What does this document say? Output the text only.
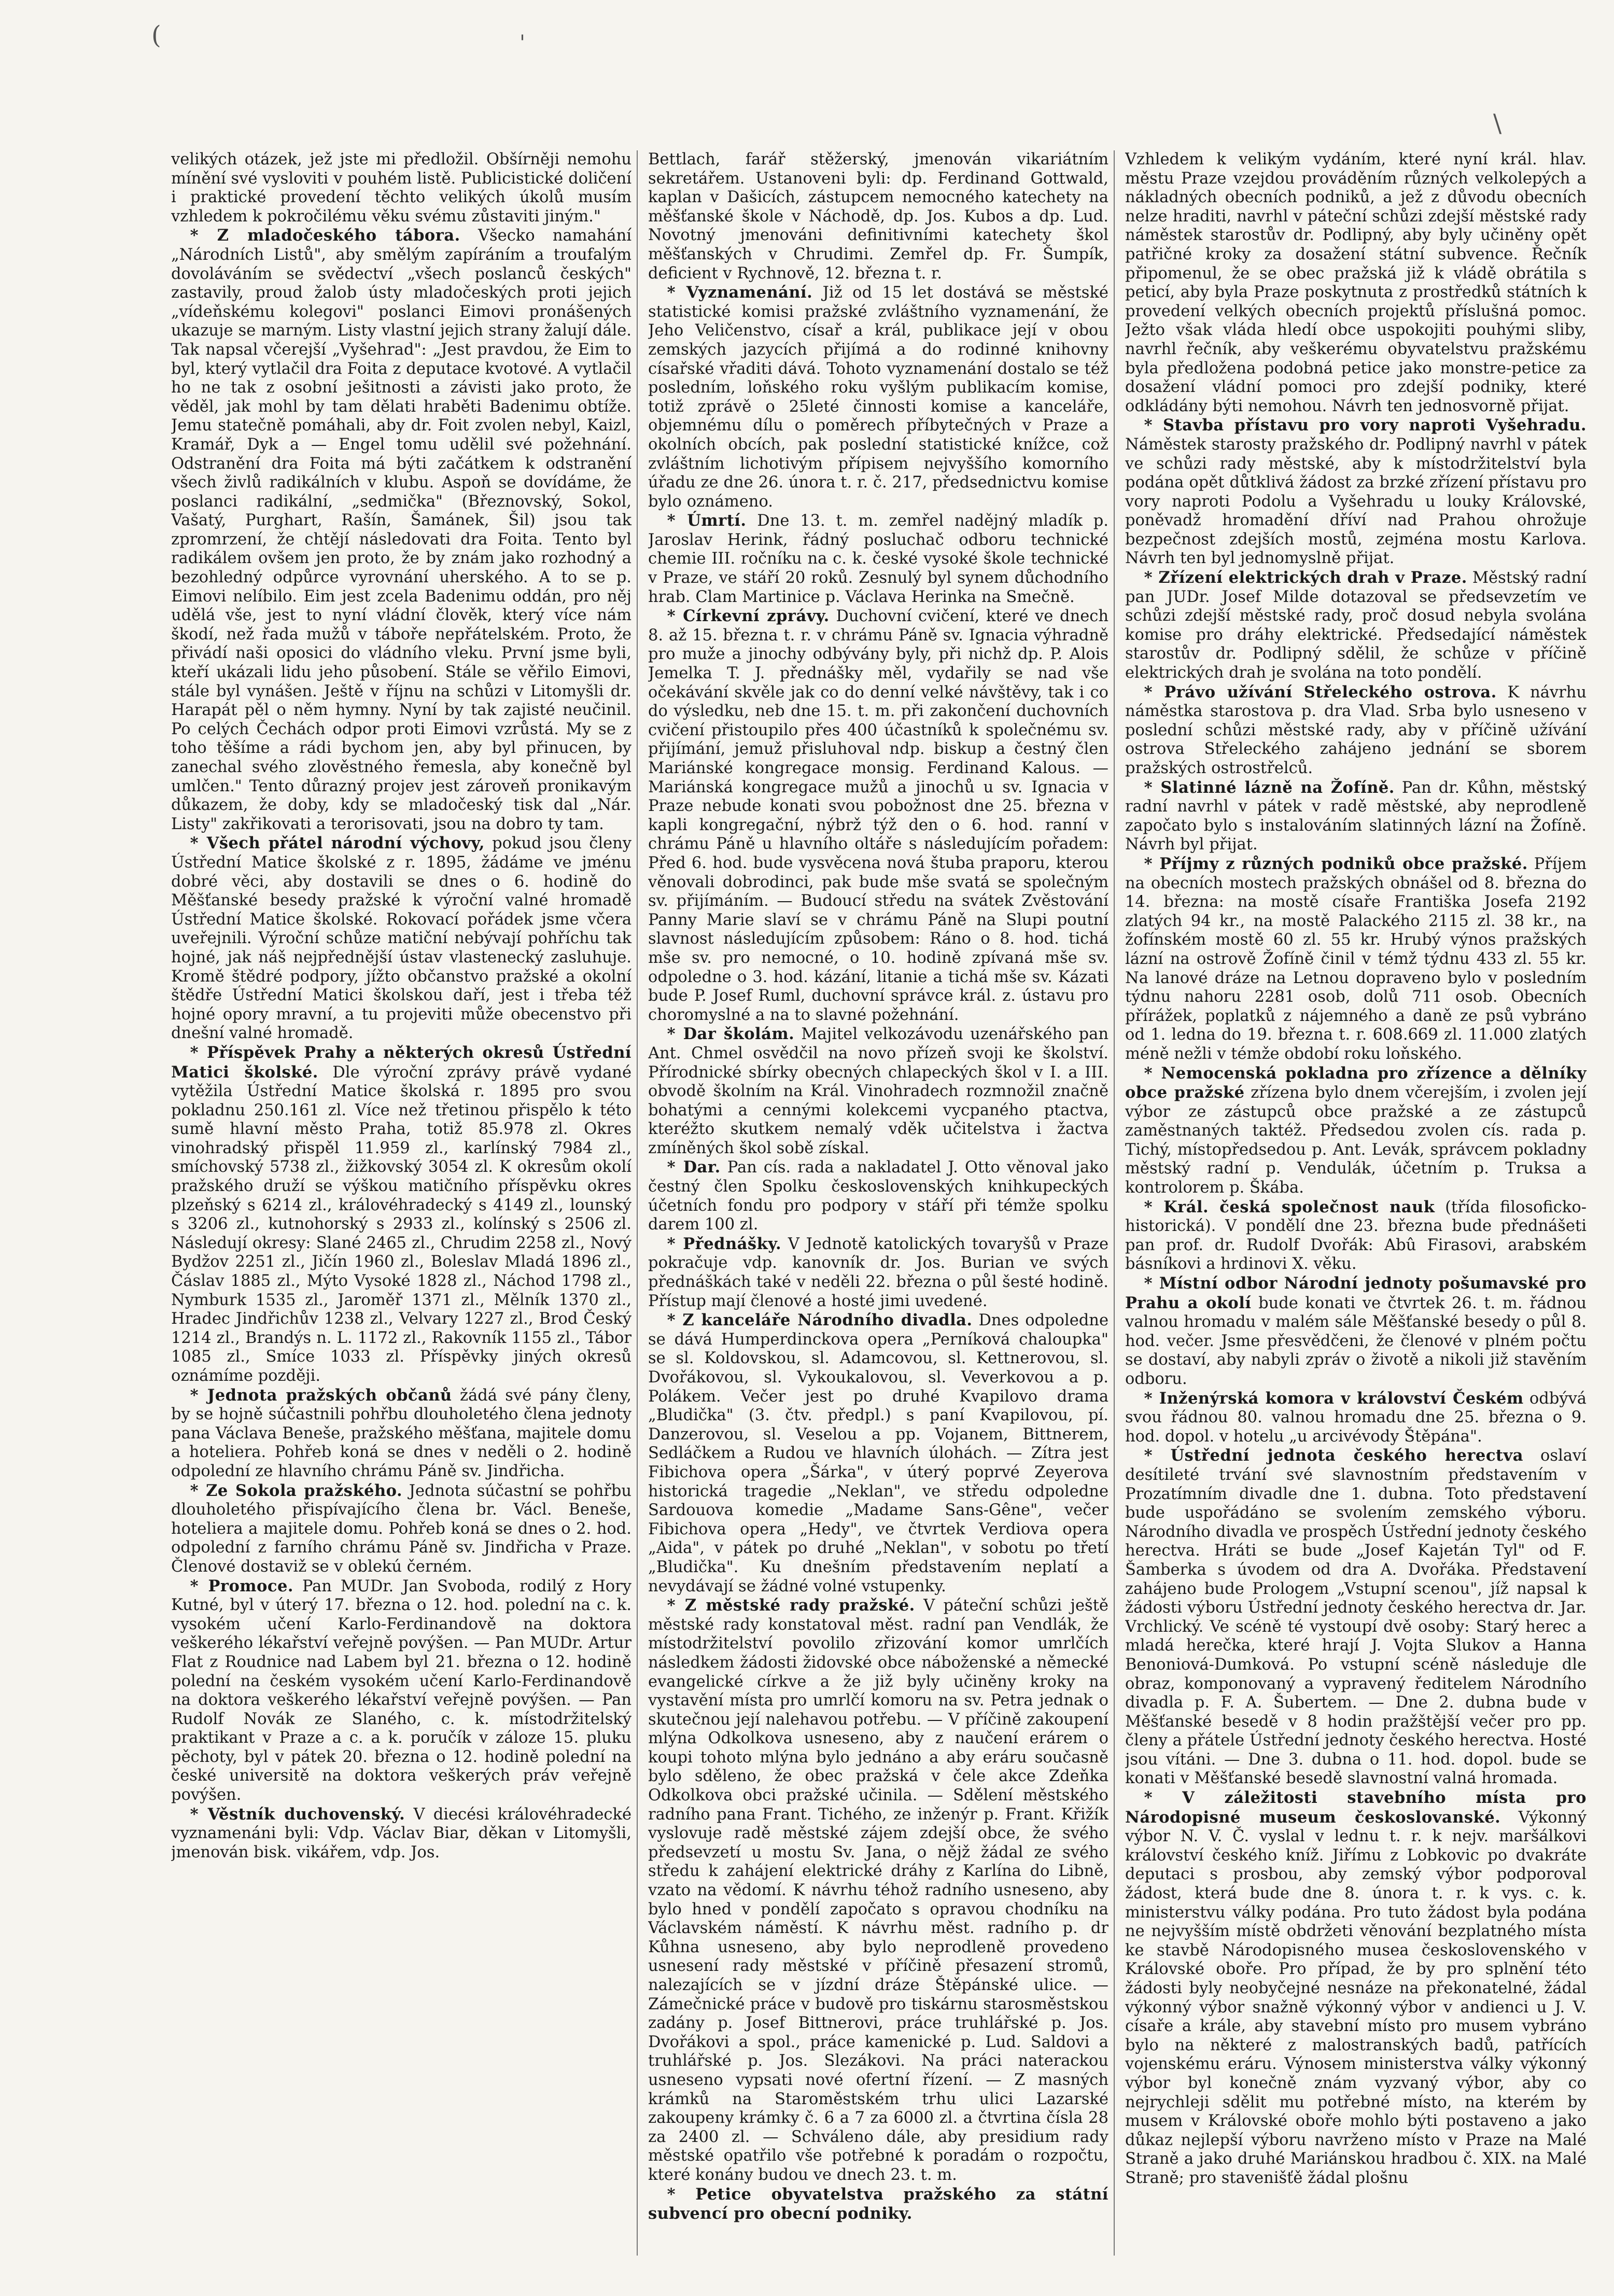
(	'
\

velikých otázek, jež jste mi předložil. Obšírněji nemohu mínění své vysloviti v pouhém listě. Publicistické doličení i praktické provedení těchto velikých úkolů musím vzhledem k pokročilému věku svému zůstaviti jiným."

* Z mladočeského tábora. Všecko namahání „Národních Listů", aby smělým zapíráním a troufalým dovoláváním se svědectví „všech poslanců českých" zastavily, proud žalob ústy mladočeských proti jejich „vídeňskému kolegovi" poslanci Eimovi pronášených ukazuje se marným. Listy vlastní jejich strany žalují dále. Tak napsal včerejší „Vyšehrad": „Jest pravdou, že Eim to byl, který vytlačil dra Foita z deputace kvotové. A vytlačil ho ne tak z osobní ješitnosti a závisti jako proto, že věděl, jak mohl by tam dělati hraběti Badenimu obtíže. Jemu statečně pomáhali, aby dr. Foit zvolen nebyl, Kaizl, Kramář, Dyk a — Engel tomu udělil své požehnání. Odstranění dra Foita má býti začátkem k odstranění všech živlů radikálních v klubu. Aspoň se dovídáme, že poslanci radikální, „sedmička" (Březnovský, Sokol, Vašatý, Purghart, Rašín, Šamánek, Šil) jsou tak zpromrzení, že chtějí následovati dra Foita. Tento byl radikálem ovšem jen proto, že by znám jako rozhodný a bezohledný odpůrce vyrovnání uherského. A to se p. Eimovi nelíbilo. Eim jest zcela Badenimu oddán, pro něj udělá vše, jest to nyní vládní člověk, který více nám škodí, než řada mužů v táboře nepřátelském. Proto, že přivádí naši oposici do vládního vleku. První jsme byli, kteří ukázali lidu jeho působení. Stále se věřilo Eimovi, stále byl vynášen. Ještě v říjnu na schůzi v Litomyšli dr. Harapát pěl o něm hymny. Nyní by tak zajisté neučinil. Po celých Čechách odpor proti Eimovi vzrůstá. My se z toho těšíme a rádi bychom jen, aby byl přinucen, by zanechal svého zlověstného řemesla, aby konečně byl umlčen." Tento důrazný projev jest zároveň pronikavým důkazem, že doby, kdy se mladočeský tisk dal „Nár. Listy" zakřikovati a terorisovati, jsou na dobro ty tam.

* Všech přátel národní výchovy, pokud jsou členy Ústřední Matice školské z r. 1895, žádáme ve jménu dobré věci, aby dostavili se dnes o 6. hodině do Měšťanské besedy pražské k výroční valné hromadě Ústřední Matice školské. Rokovací pořádek jsme včera uveřejnili. Výroční schůze matiční nebývají pohříchu tak hojné, jak náš nejpřednější ústav vlastenecký zasluhuje. Kromě štědré podpory, jížto občanstvo pražské a okolní štědře Ústřední Matici školskou daří, jest i třeba též hojné opory mravní, a tu projeviti může obecenstvo při dnešní valné hromadě.

* Příspěvek Prahy a některých okresů Ústřední Matici školské. Dle výroční zprávy právě vydané vytěžila Ústřední Matice školská r. 1895 pro svou pokladnu 250.161 zl. Více než třetinou přispělo k této sumě hlavní město Praha, totiž 85.978 zl. Okres vinohradský přispěl 11.959 zl., karlínský 7984 zl., smíchovský 5738 zl., žižkovský 3054 zl. K okresům okolí pražského druží se výškou matičního příspěvku okres plzeňský s 6214 zl., královéhradecký s 4149 zl., lounský s 3206 zl., kutnohorský s 2933 zl., kolínský s 2506 zl. Následují okresy: Slané 2465 zl., Chrudim 2258 zl., Nový Bydžov 2251 zl., Jičín 1960 zl., Boleslav Mladá 1896 zl., Čáslav 1885 zl., Mýto Vysoké 1828 zl., Náchod 1798 zl., Nymburk 1535 zl., Jaroměř 1371 zl., Mělník 1370 zl., Hradec Jindřichův 1238 zl., Velvary 1227 zl., Brod Český 1214 zl., Brandýs n. L. 1172 zl., Rakovník 1155 zl., Tábor 1085 zl., Smíce 1033 zl. Příspěvky jiných okresů oznámíme později.

* Jednota pražských občanů žádá své pány členy, by se hojně súčastnili pohřbu dlouholetého člena jednoty pana Václava Beneše, pražského měšťana, majitele domu a hoteliera. Pohřeb koná se dnes v neděli o 2. hodině odpolední ze hlavního chrámu Páně sv. Jindřicha.

* Ze Sokola pražského. Jednota súčastní se pohřbu dlouholetého přispívajícího člena br. Václ. Beneše, hoteliera a majitele domu. Pohřeb koná se dnes o 2. hod. odpolední z farního chrámu Páně sv. Jindřicha v Praze. Členové dostaviž se v oblekú černém.

* Promoce. Pan MUDr. Jan Svoboda, rodilý z Hory Kutné, byl v úterý 17. března o 12. hod. polední na c. k. vysokém učení Karlo-Ferdinandově na doktora veškerého lékařství veřejně povýšen. — Pan MUDr. Artur Flat z Roudnice nad Labem byl 21. března o 12. hodině polední na českém vysokém učení Karlo-Ferdinandově na doktora veškerého lékařství veřejně povýšen. — Pan Rudolf Novák ze Slaného, c. k. místodržitelský praktikant v Praze a c. a k. poručík v záloze 15. pluku pěchoty, byl v pátek 20. března o 12. hodině polední na české universitě na doktora veškerých práv veřejně povýšen.

* Věstník duchovenský. V diecési královéhradecké vyznamenáni byli: Vdp. Václav Biar, děkan v Litomyšli, jmenován bisk. vikářem, vdp. Jos.

Bettlach, farář stěžerský, jmenován vikariátním sekretářem. Ustanoveni byli: dp. Ferdinand Gottwald, kaplan v Dašicích, zástupcem nemocného katechety na měšťanské škole v Náchodě, dp. Jos. Kubos a dp. Lud. Novotný jmenováni definitivními katechety škol měšťanských v Chrudimi. Zemřel dp. Fr. Šumpík, deficient v Rychnově, 12. března t. r.

* Vyznamenání. Již od 15 let dostává se městské statistické komisi pražské zvláštního vyznamenání, že Jeho Veličenstvo, císař a král, publikace její v obou zemských jazycích přijímá a do rodinné knihovny císařské vřaditi dává. Tohoto vyznamenání dostalo se též posledním, loňského roku vyšlým publikacím komise, totiž zprávě o 25leté činnosti komise a kanceláře, objemnému dílu o poměrech příbytečných v Praze a okolních obcích, pak poslední statistické knížce, což zvláštním lichotivým přípisem nejvyššího komorního úřadu ze dne 26. února t. r. č. 217, předsednictvu komise bylo oznámeno.

* Úmrtí. Dne 13. t. m. zemřel nadějný mladík p. Jaroslav Herink, řádný posluchač odboru technické chemie III. ročníku na c. k. české vysoké škole technické v Praze, ve stáří 20 roků. Zesnulý byl synem důchodního hrab. Clam Martinice p. Václava Herinka na Smečně.

* Církevní zprávy. Duchovní cvičení, které ve dnech 8. až 15. března t. r. v chrámu Páně sv. Ignacia výhradně pro muže a jinochy odbývány byly, při nichž dp. P. Alois Jemelka T. J. přednášky měl, vydařily se nad vše očekávání skvěle jak co do denní velké návštěvy, tak i co do výsledku, neb dne 15. t. m. při zakončení duchovních cvičení přistoupilo přes 400 účastníků k společnému sv. přijímání, jemuž přisluhoval ndp. biskup a čestný člen Mariánské kongregace monsig. Ferdinand Kalous. — Mariánská kongregace mužů a jinochů u sv. Ignacia v Praze nebude konati svou pobožnost dne 25. března v kapli kongregační, nýbrž týž den o 6. hod. ranní v chrámu Páně u hlavního oltáře s následujícím pořadem: Před 6. hod. bude vysvěcena nová štuba praporu, kterou věnovali dobrodinci, pak bude mše svatá se společným sv. přijímáním. — Budoucí středu na svátek Zvěstování Panny Marie slaví se v chrámu Páně na Slupi poutní slavnost následujícím způsobem: Ráno o 8. hod. tichá mše sv. pro nemocné, o 10. hodině zpívaná mše sv. odpoledne o 3. hod. kázání, litanie a tichá mše sv. Kázati bude P. Josef Ruml, duchovní správce král. z. ústavu pro choromyslné a na to slavné požehnání.

* Dar školám. Majitel velkozávodu uzenářského pan Ant. Chmel osvědčil na novo přízeň svoji ke školství. Přírodnické sbírky obecných chlapeckých škol v I. a III. obvodě školním na Král. Vinohradech rozmnožil značně bohatými a cennými kolekcemi vycpaného ptactva, kteréžto skutkem nemalý vděk učitelstva i žactva zmíněných škol sobě získal.

* Dar. Pan cís. rada a nakladatel J. Otto věnoval jako čestný člen Spolku československých knihkupeckých účetních fondu pro podpory v stáří při témže spolku darem 100 zl.

* Přednášky. V Jednotě katolických tovaryšů v Praze pokračuje vdp. kanovník dr. Jos. Burian ve svých přednáškách také v neděli 22. března o půl šesté hodině. Přístup mají členové a hosté jimi uvedené.

* Z kanceláře Národního divadla. Dnes odpoledne se dává Humperdinckova opera „Perníková chaloupka" se sl. Koldovskou, sl. Adamcovou, sl. Kettnerovou, sl. Dvořákovou, sl. Vykoukalovou, sl. Veverkovou a p. Polákem. Večer jest po druhé Kvapilovo drama „Bludička" (3. čtv. předpl.) s paní Kvapilovou, pí. Danzerovou, sl. Veselou a pp. Vojanem, Bittnerem, Sedláčkem a Rudou ve hlavních úlohách. — Zítra jest Fibichova opera „Šárka", v úterý poprvé Zeyerova historická tragedie „Neklan", ve středu odpoledne Sardouova komedie „Madame Sans-Gêne", večer Fibichova opera „Hedy", ve čtvrtek Verdiova opera „Aida", v pátek po druhé „Neklan", v sobotu po třetí „Bludička". Ku dnešním představením neplatí a nevydávají se žádné volné vstupenky.

* Z městské rady pražské. V páteční schůzi ještě městské rady konstatoval měst. radní pan Vendlák, že místodržitelství povolilo zřizování komor umrlčích následkem žádosti židovské obce náboženské a německé evangelické církve a že již byly učiněny kroky na vystavění místa pro umrlčí komoru na sv. Petra jednak o skutečnou její nalehavou potřebu. — V příčině zakoupení mlýna Odkolkova usneseno, aby z naučení erárem o koupi tohoto mlýna bylo jednáno a aby eráru současně bylo sděleno, že obec pražská v čele akce Zdeňka Odkolkova obci pražské učinila. — Sdělení městského radního pana Frant. Tichého, ze inženýr p. Frant. Křižík vyslovuje radě městské zájem zdejší obce, že svého předsevzetí u mostu Sv. Jana, o nějž žádal ze svého středu k zahájení elektrické dráhy z Karlína do Libně, vzato na vědomí. K návrhu téhož radního usneseno, aby bylo hned v pondělí započato s opravou chodníku na Václavském náměstí. K návrhu měst. radního p. dr Kůhna usneseno, aby bylo neprodleně provedeno usnesení rady městské v příčině přesazení stromů, nalezajících se v jízdní dráze Štěpánské ulice. — Zámečnické práce v budově pro tiskárnu starosměstskou zadány p. Josef Bittnerovi, práce truhlářské p. Jos. Dvořákovi a spol., práce kamenické p. Lud. Saldovi a truhlářské p. Jos. Slezákovi. Na práci naterackou usneseno vypsati nové ofertní řízení. — Z masných krámků na Staroměstském trhu ulici Lazarské zakoupeny krámky č. 6 a 7 za 6000 zl. a čtvrtina čísla 28 za 2400 zl. — Schváleno dále, aby presidium rady městské opatřilo vše potřebné k poradám o rozpočtu, které konány budou ve dnech 23. t. m.

* Petice obyvatelstva pražského za státní subvencí pro obecní podniky.

Vzhledem k velikým vydáním, které nyní král. hlav. městu Praze vzejdou prováděním různých velkolepých a nákladných obecních podniků, a jež z důvodu obecních nelze hraditi, navrhl v páteční schůzi zdejší městské rady náměstek starostův dr. Podlipný, aby byly učiněny opět patřičné kroky za dosažení státní subvence. Řečník připomenul, že se obec pražská již k vládě obrátila s peticí, aby byla Praze poskytnuta z prostředků státních k provedení velkých obecních projektů příslušná pomoc. Ježto však vláda hledí obce uspokojiti pouhými sliby, navrhl řečník, aby veškerému obyvatelstvu pražskému byla předložena podobná petice jako monstre-petice za dosažení vládní pomoci pro zdejší podniky, které odkládány býti nemohou. Návrh ten jednosvorně přijat.

* Stavba přístavu pro vory naproti Vyšehradu. Náměstek starosty pražského dr. Podlipný navrhl v pátek ve schůzi rady městské, aby k místodržitelství byla podána opět důtklivá žádost za brzké zřízení přístavu pro vory naproti Podolu a Vyšehradu u louky Královské, poněvadž hromadění dříví nad Prahou ohrožuje bezpečnost zdejších mostů, zejména mostu Karlova. Návrh ten byl jednomyslně přijat.

* Zřízení elektrických drah v Praze. Městský radní pan JUDr. Josef Milde dotazoval se předsevzetím ve schůzi zdejší městské rady, proč dosud nebyla svolána komise pro dráhy elektrické. Předsedající náměstek starostův dr. Podlipný sdělil, že schůze v příčině elektrických drah je svolána na toto pondělí.

* Právo užívání Střeleckého ostrova. K návrhu náměstka starostova p. dra Vlad. Srba bylo usneseno v poslední schůzi městské rady, aby v příčině užívání ostrova Střeleckého zahájeno jednání se sborem pražských ostrostřelců.

* Slatinné lázně na Žofíně. Pan dr. Kůhn, městský radní navrhl v pátek v radě městské, aby neprodleně započato bylo s instalováním slatinných lázní na Žofíně. Návrh byl přijat.

* Příjmy z různých podniků obce pražské. Příjem na obecních mostech pražských obnášel od 8. března do 14. března: na mostě císaře Františka Josefa 2192 zlatých 94 kr., na mostě Palackého 2115 zl. 38 kr., na žofínském mostě 60 zl. 55 kr. Hrubý výnos pražských lázní na ostrově Žofíně činil v témž týdnu 433 zl. 55 kr. Na lanové dráze na Letnou dopraveno bylo v posledním týdnu nahoru 2281 osob, dolů 711 osob. Obecních přírážek, poplatků z nájemného a daně ze psů vybráno od 1. ledna do 19. března t. r. 608.669 zl. 11.000 zlatých méně nežli v témže období roku loňského.

* Nemocenská pokladna pro zřízence a dělníky obce pražské zřízena bylo dnem včerejším, i zvolen její výbor ze zástupců obce pražské a ze zástupců zaměstnaných taktéž. Předsedou zvolen cís. rada p. Tichý, místopředsedou p. Ant. Levák, správcem pokladny městský radní p. Vendulák, účetním p. Truksa a kontrolorem p. Škába.

* Král. česká společnost nauk (třída filosoficko-historická). V pondělí dne 23. března bude přednášeti pan prof. dr. Rudolf Dvořák: Abû Firasovi, arabském básníkovi a hrdinovi X. věku.

* Místní odbor Národní jednoty pošumavské pro Prahu a okolí bude konati ve čtvrtek 26. t. m. řádnou valnou hromadu v malém sále Měšťanské besedy o půl 8. hod. večer. Jsme přesvědčeni, že členové v plném počtu se dostaví, aby nabyli zpráv o životě a nikoli již stavěním odboru.

* Inženýrská komora v království Českém odbývá svou řádnou 80. valnou hromadu dne 25. března o 9. hod. dopol. v hotelu „u arcivévody Štěpána".

* Ústřední jednota českého herectva oslaví desítileté trvání své slavnostním představením v Prozatímním divadle dne 1. dubna. Toto představení bude uspořádáno se svolením zemského výboru. Národního divadla ve prospěch Ústřední jednoty českého herectva. Hráti se bude „Josef Kajetán Tyl" od F. Šamberka s úvodem od dra A. Dvořáka. Představení zahájeno bude Prologem „Vstupní scenou", jíž napsal k žádosti výboru Ústřední jednoty českého herectva dr. Jar. Vrchlický. Ve scéně té vystoupí dvě osoby: Starý herec a mladá herečka, které hrají J. Vojta Slukov a Hanna Benoniová-Dumková. Po vstupní scéně následuje dle obraz, komponovaný a vypravený ředitelem Národního divadla p. F. A. Šubertem. — Dne 2. dubna bude v Měšťanské besedě v 8 hodin pražštější večer pro pp. členy a přátele Ústřední jednoty českého herectva. Hosté jsou vítáni. — Dne 3. dubna o 11. hod. dopol. bude se konati v Měšťanské besedě slavnostní valná hromada.

* V záležitosti stavebního místa pro Národopisné museum českoslovanské. Výkonný výbor N. V. Č. vyslal v lednu t. r. k nejv. maršálkovi království českého kníž. Jiřímu z Lobkovic po dvakráte deputaci s prosbou, aby zemský výbor podporoval žádost, která bude dne 8. února t. r. k vys. c. k. ministerstvu války podána. Pro tuto žádost byla podána ne nejvyšším místě obdržeti věnování bezplatného místa ke stavbě Národopisného musea československého v Královské oboře. Pro případ, že by pro splnění této žádosti byly neobyčejné nesnáze na překonatelné, žádal výkonný výbor snažně výkonný výbor v andienci u J. V. císaře a krále, aby stavební místo pro musem vybráno bylo na některé z malostranských badů, patřících vojenskému eráru. Výnosem ministerstva války výkonný výbor byl konečně znám vyzvaný výbor, aby co nejrychleji sdělit mu potřebné místo, na kterém by musem v Královské oboře mohlo býti postaveno a jako důkaz nejlepší výboru navrženo místo v Praze na Malé Straně a jako druhé Mariánskou hradbou č. XIX. na Malé Straně; pro stavenišťě žádal plošnu
